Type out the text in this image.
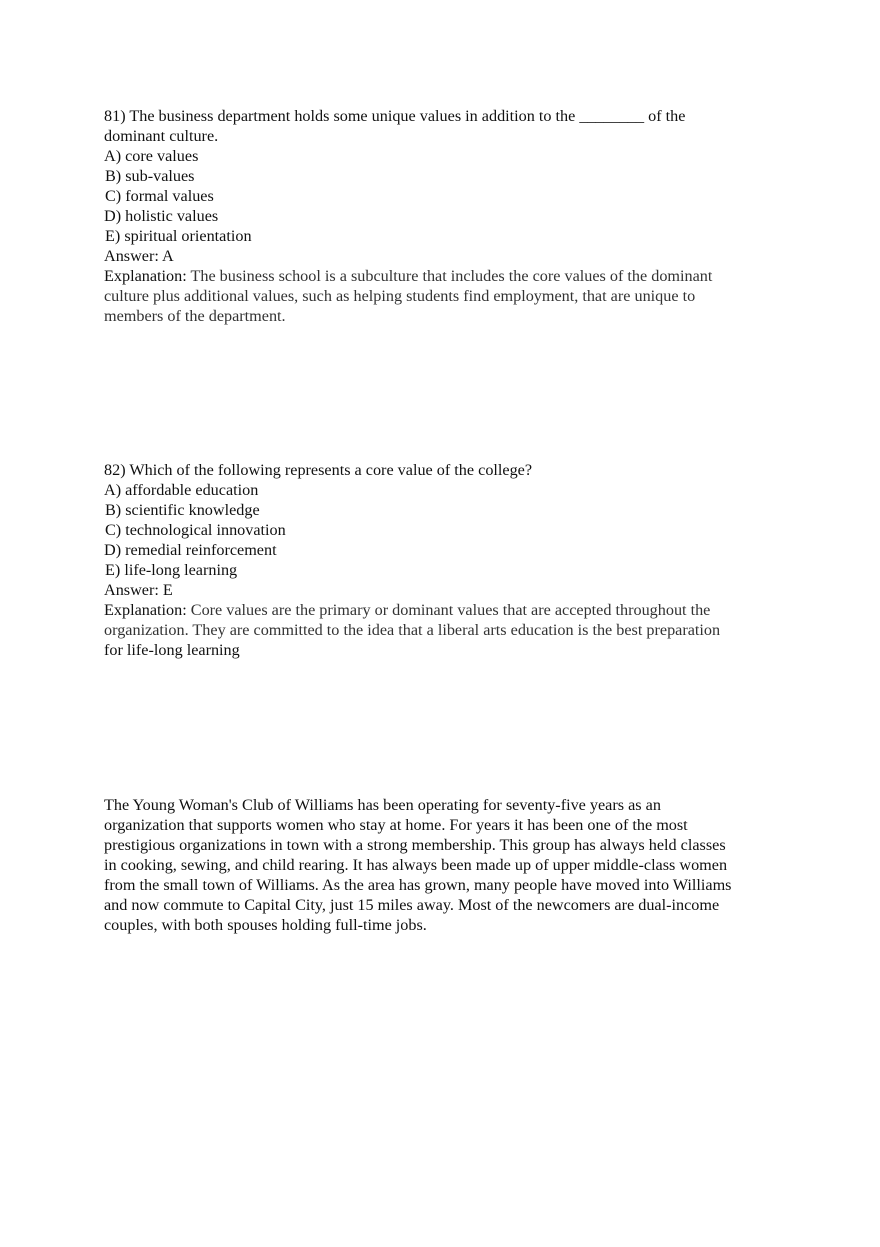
81) The business department holds some unique values in addition to the ________ of the
dominant culture.
A) core values
B) sub-values
C) formal values
D) holistic values
E) spiritual orientation
Answer: A
Explanation: The business school is a subculture that includes the core values of the dominant
culture plus additional values, such as helping students find employment, that are unique to
members of the department.
82) Which of the following represents a core value of the college?
A) affordable education
B) scientific knowledge
C) technological innovation
D) remedial reinforcement
E) life-long learning
Answer: E
Explanation: Core values are the primary or dominant values that are accepted throughout the
organization. They are committed to the idea that a liberal arts education is the best preparation
for life-long learning
The Young Woman's Club of Williams has been operating for seventy-five years as an
organization that supports women who stay at home. For years it has been one of the most
prestigious organizations in town with a strong membership. This group has always held classes
in cooking, sewing, and child rearing. It has always been made up of upper middle-class women
from the small town of Williams. As the area has grown, many people have moved into Williams
and now commute to Capital City, just 15 miles away. Most of the newcomers are dual-income
couples, with both spouses holding full-time jobs.
